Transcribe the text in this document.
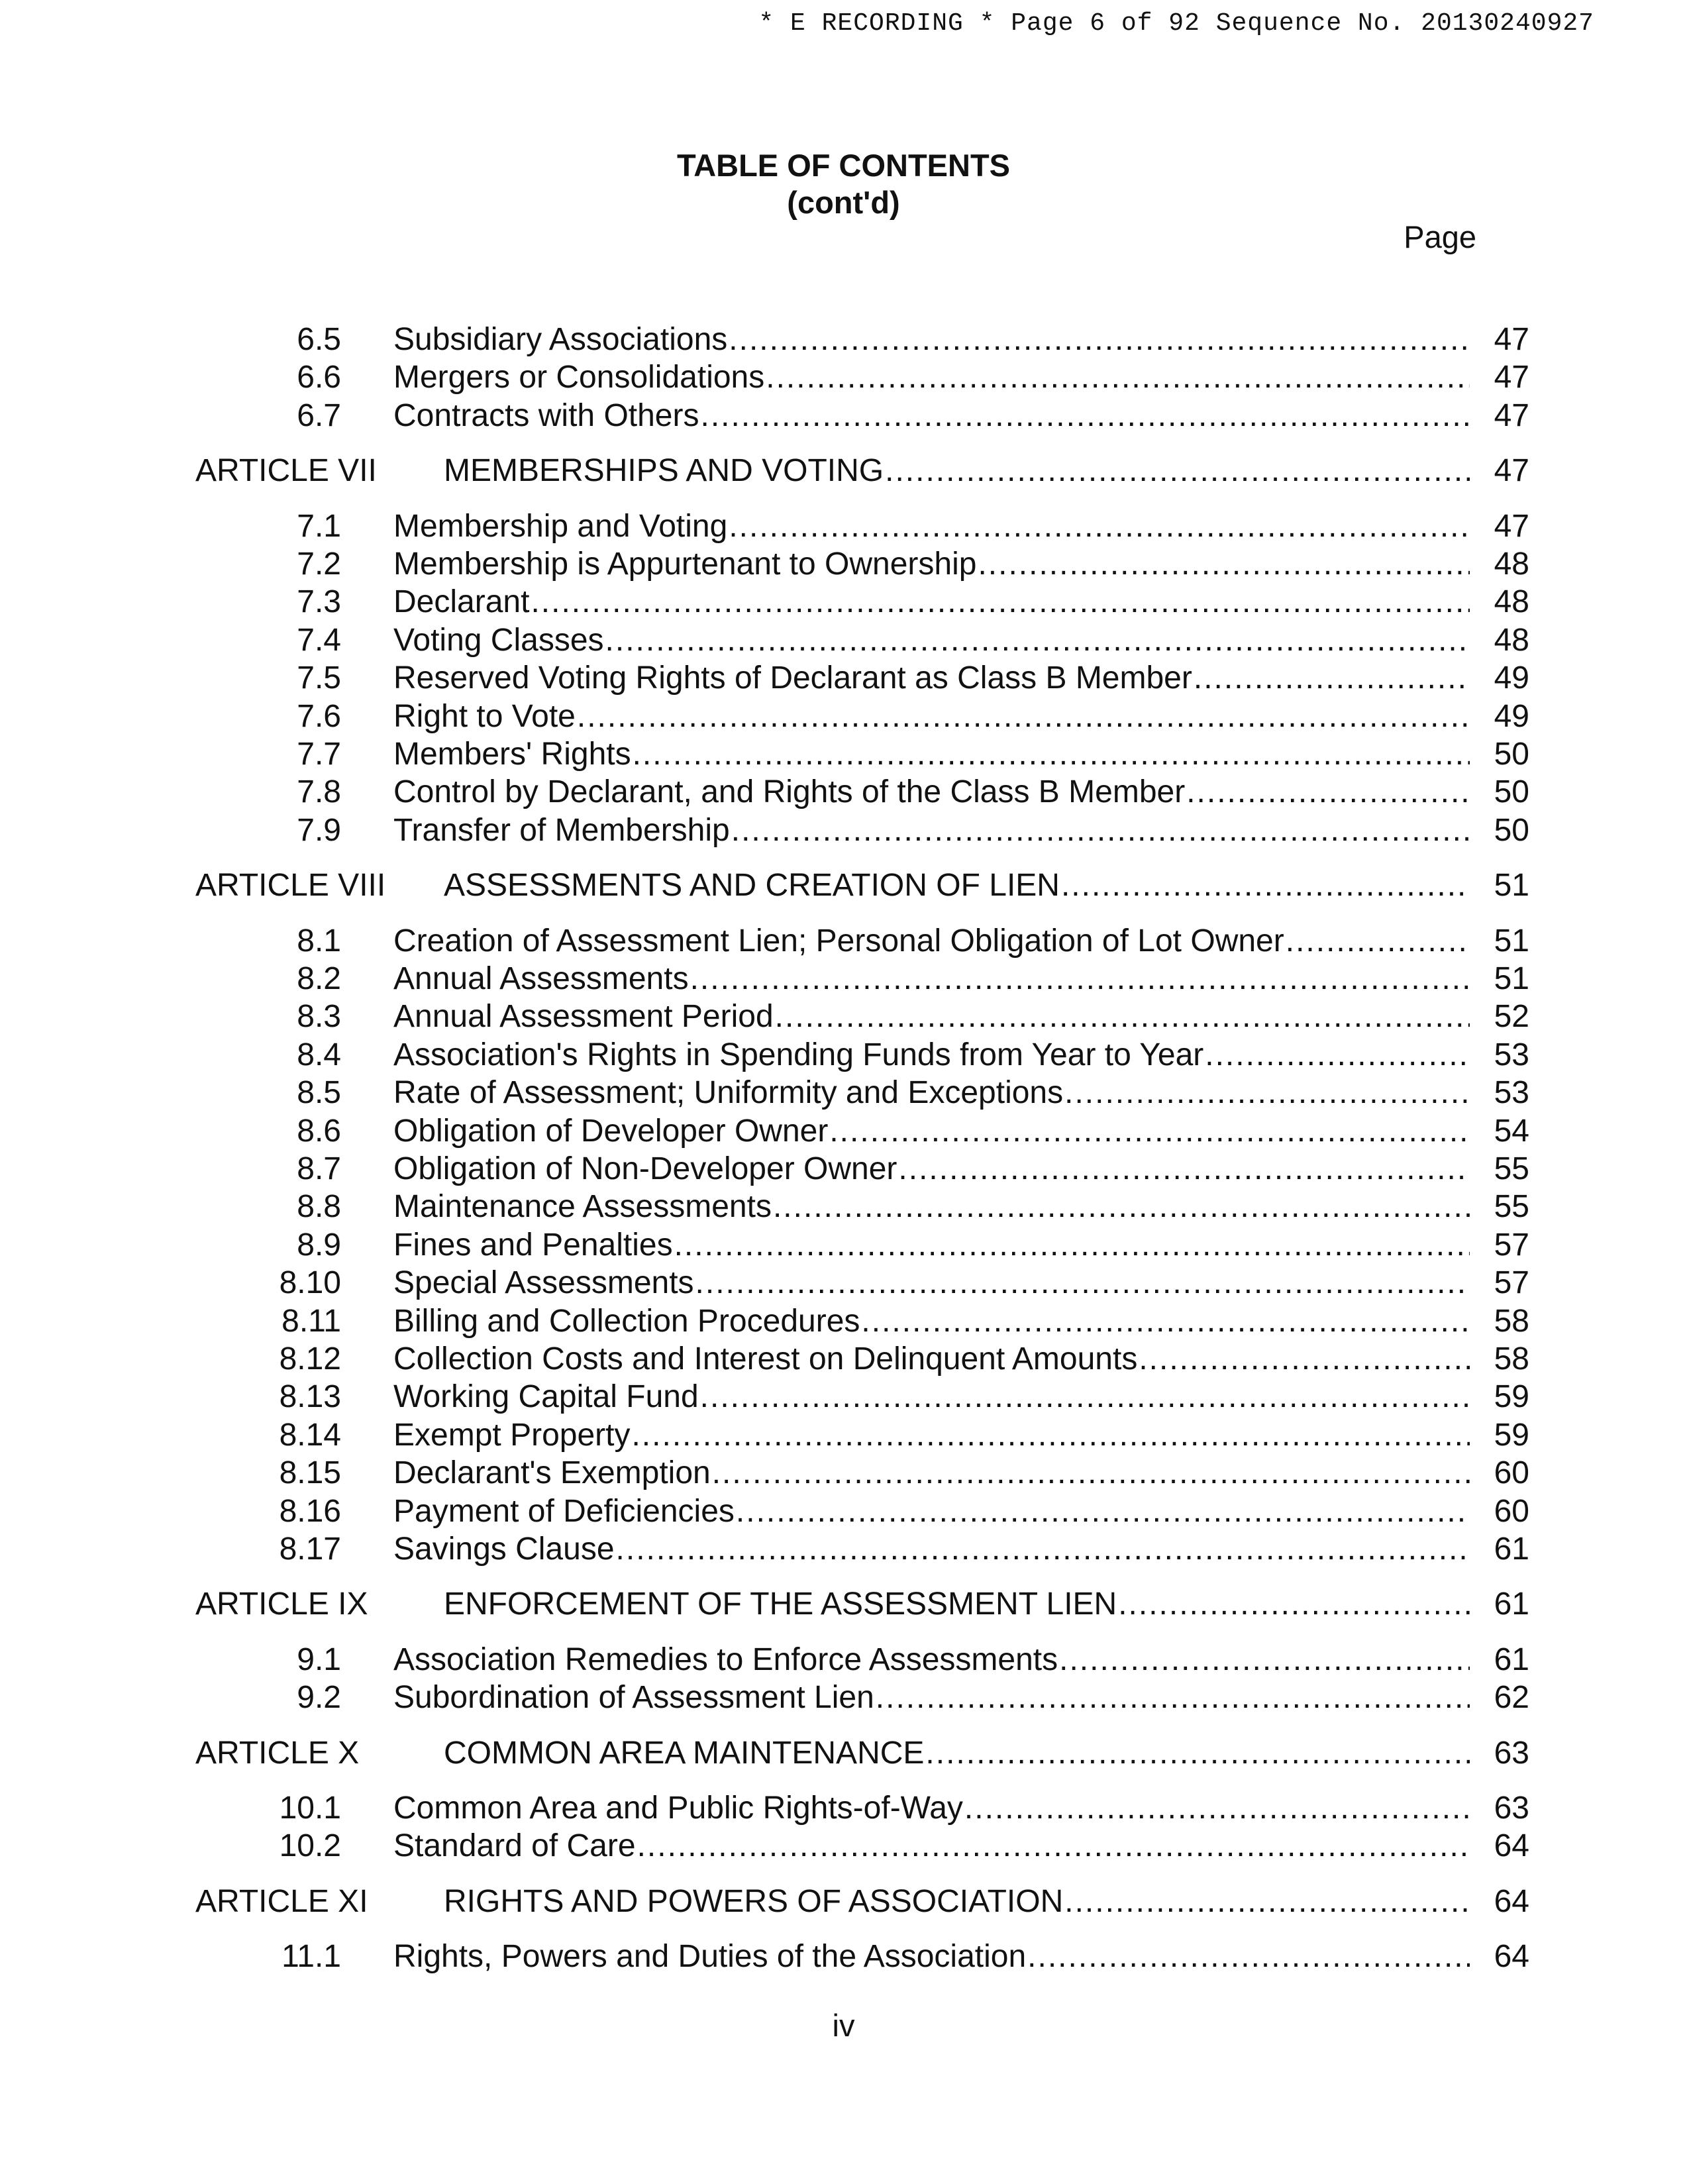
* E RECORDING * Page 6 of 92 Sequence No. 20130240927
TABLE OF CONTENTS
(cont'd)
Page
6.5 Subsidiary Associations .....	47
6.6 Mergers or Consolidations .....	47
6.7 Contracts with Others .....	47
ARTICLE VII MEMBERSHIPS AND VOTING .....	47
7.1 Membership and Voting .....	47
7.2 Membership is Appurtenant to Ownership .....	48
7.3 Declarant .....	48
7.4 Voting Classes .....	48
7.5 Reserved Voting Rights of Declarant as Class B Member .....	49
7.6 Right to Vote .....	49
7.7 Members' Rights .....	50
7.8 Control by Declarant, and Rights of the Class B Member .....	50
7.9 Transfer of Membership .....	50
ARTICLE VIII ASSESSMENTS AND CREATION OF LIEN .....	51
8.1 Creation of Assessment Lien; Personal Obligation of Lot Owner .....	51
8.2 Annual Assessments .....	51
8.3 Annual Assessment Period .....	52
8.4 Association's Rights in Spending Funds from Year to Year .....	53
8.5 Rate of Assessment; Uniformity and Exceptions .....	53
8.6 Obligation of Developer Owner .....	54
8.7 Obligation of Non-Developer Owner .....	55
8.8 Maintenance Assessments .....	55
8.9 Fines and Penalties .....	57
8.10 Special Assessments .....	57
8.11 Billing and Collection Procedures .....	58
8.12 Collection Costs and Interest on Delinquent Amounts .....	58
8.13 Working Capital Fund .....	59
8.14 Exempt Property .....	59
8.15 Declarant's Exemption .....	60
8.16 Payment of Deficiencies .....	60
8.17 Savings Clause .....	61
ARTICLE IX ENFORCEMENT OF THE ASSESSMENT LIEN .....	61
9.1 Association Remedies to Enforce Assessments .....	61
9.2 Subordination of Assessment Lien .....	62
ARTICLE X	COMMON AREA MAINTENANCE .....	63
10.1 Common Area and Public Rights-of-Way .....	63
10.2 Standard of Care .....	64
ARTICLE XI RIGHTS AND POWERS OF ASSOCIATION .....	64
11.1 Rights, Powers and Duties of the Association .....	64
iv
